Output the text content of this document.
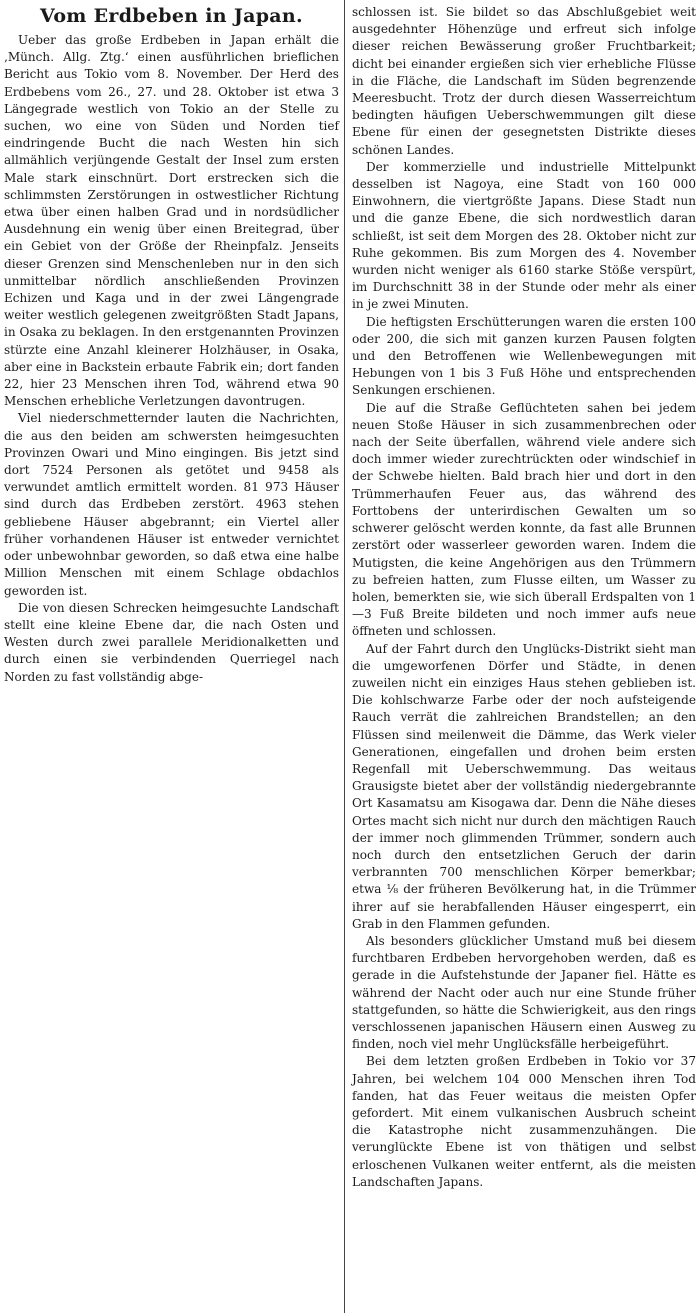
Vom Erdbeben in Japan.

Ueber das große Erdbeben in Japan erhält die ‚Münch. Allg. Ztg.‘ einen ausführlichen brieflichen Bericht aus Tokio vom 8. November. Der Herd des Erdbebens vom 26., 27. und 28. Oktober ist etwa 3 Längegrade westlich von Tokio an der Stelle zu suchen, wo eine von Süden und Norden tief eindringende Bucht die nach Westen hin sich allmählich verjüngende Gestalt der Insel zum ersten Male stark einschnürt. Dort erstrecken sich die schlimmsten Zerstörungen in ostwestlicher Richtung etwa über einen halben Grad und in nordsüdlicher Ausdehnung ein wenig über einen Breitegrad, über ein Gebiet von der Größe der Rheinpfalz. Jenseits dieser Grenzen sind Menschenleben nur in den sich unmittelbar nördlich anschließenden Provinzen Echizen und Kaga und in der zwei Längengrade weiter westlich gelegenen zweitgrößten Stadt Japans, in Osaka zu beklagen. In den erstgenannten Provinzen stürzte eine Anzahl kleinerer Holzhäuser, in Osaka, aber eine in Backstein erbaute Fabrik ein; dort fanden 22, hier 23 Menschen ihren Tod, während etwa 90 Menschen erhebliche Verletzungen davontrugen.

Viel niederschmetternder lauten die Nachrichten, die aus den beiden am schwersten heimgesuchten Provinzen Owari und Mino eingingen. Bis jetzt sind dort 7524 Personen als getötet und 9458 als verwundet amtlich ermittelt worden. 81 973 Häuser sind durch das Erdbeben zerstört. 4963 stehen gebliebene Häuser abgebrannt; ein Viertel aller früher vorhandenen Häuser ist entweder vernichtet oder unbewohnbar geworden, so daß etwa eine halbe Million Menschen mit einem Schlage obdachlos geworden ist.

Die von diesen Schrecken heimgesuchte Landschaft stellt eine kleine Ebene dar, die nach Osten und Westen durch zwei parallele Meridionalketten und durch einen sie verbindenden Querriegel nach Norden zu fast vollständig abge-

schlossen ist. Sie bildet so das Abschlußgebiet weit ausgedehnter Höhenzüge und erfreut sich infolge dieser reichen Bewässerung großer Fruchtbarkeit; dicht bei einander ergießen sich vier erhebliche Flüsse in die Fläche, die Landschaft im Süden begrenzende Meeresbucht. Trotz der durch diesen Wasserreichtum bedingten häufigen Ueberschwemmungen gilt diese Ebene für einen der gesegnetsten Distrikte dieses schönen Landes.

Der kommerzielle und industrielle Mittelpunkt desselben ist Nagoya, eine Stadt von 160 000 Einwohnern, die viertgrößte Japans. Diese Stadt nun und die ganze Ebene, die sich nordwestlich daran schließt, ist seit dem Morgen des 28. Oktober nicht zur Ruhe gekommen. Bis zum Morgen des 4. November wurden nicht weniger als 6160 starke Stöße verspürt, im Durchschnitt 38 in der Stunde oder mehr als einer in je zwei Minuten.

Die heftigsten Erschütterungen waren die ersten 100 oder 200, die sich mit ganzen kurzen Pausen folgten und den Betroffenen wie Wellenbewegungen mit Hebungen von 1 bis 3 Fuß Höhe und entsprechenden Senkungen erschienen.

Die auf die Straße Geflüchteten sahen bei jedem neuen Stoße Häuser in sich zusammenbrechen oder nach der Seite überfallen, während viele andere sich doch immer wieder zurechtrückten oder windschief in der Schwebe hielten. Bald brach hier und dort in den Trümmerhaufen Feuer aus, das während des Forttobens der unterirdischen Gewalten um so schwerer gelöscht werden konnte, da fast alle Brunnen zerstört oder wasserleer geworden waren. Indem die Mutigsten, die keine Angehörigen aus den Trümmern zu befreien hatten, zum Flusse eilten, um Wasser zu holen, bemerkten sie, wie sich überall Erdspalten von 1—3 Fuß Breite bildeten und noch immer aufs neue öffneten und schlossen.

Auf der Fahrt durch den Unglücks-Distrikt sieht man die umgeworfenen Dörfer und Städte, in denen zuweilen nicht ein einziges Haus stehen geblieben ist. Die kohlschwarze Farbe oder der noch aufsteigende Rauch verrät die zahlreichen Brandstellen; an den Flüssen sind meilenweit die Dämme, das Werk vieler Generationen, eingefallen und drohen beim ersten Regenfall mit Ueberschwemmung. Das weitaus Grausigste bietet aber der vollständig niedergebrannte Ort Kasamatsu am Kisogawa dar. Denn die Nähe dieses Ortes macht sich nicht nur durch den mächtigen Rauch der immer noch glimmenden Trümmer, sondern auch noch durch den entsetzlichen Geruch der darin verbrannten 700 menschlichen Körper bemerkbar; etwa ⅛ der früheren Bevölkerung hat, in die Trümmer ihrer auf sie herabfallenden Häuser eingesperrt, ein Grab in den Flammen gefunden.

Als besonders glücklicher Umstand muß bei diesem furchtbaren Erdbeben hervorgehoben werden, daß es gerade in die Aufstehstunde der Japaner fiel. Hätte es während der Nacht oder auch nur eine Stunde früher stattgefunden, so hätte die Schwierigkeit, aus den rings verschlossenen japanischen Häusern einen Ausweg zu finden, noch viel mehr Unglücksfälle herbeigeführt.

Bei dem letzten großen Erdbeben in Tokio vor 37 Jahren, bei welchem 104 000 Menschen ihren Tod fanden, hat das Feuer weitaus die meisten Opfer gefordert. Mit einem vulkanischen Ausbruch scheint die Katastrophe nicht zusammenzuhängen. Die verunglückte Ebene ist von thätigen und selbst erloschenen Vulkanen weiter entfernt, als die meisten Landschaften Japans.
